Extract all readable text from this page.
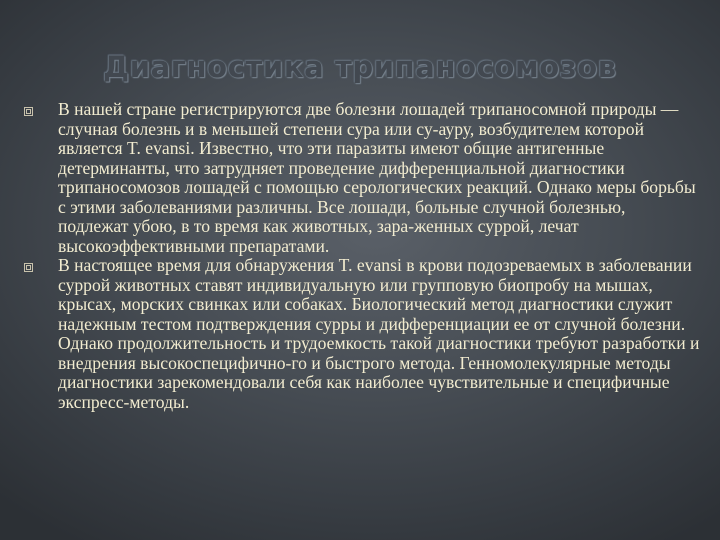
Диагностика трипаносомозов
В нашей стране регистрируются две болезни лошадей трипаносомной природы — случная болезнь и в меньшей степени сура или су-ауру, возбудителем которой является T. evansi. Известно, что эти паразиты имеют общие антигенные детерминанты, что затрудняет проведение дифференциальной диагностики трипаносомозов лошадей с помощью серологических реакций. Однако меры борьбы с этими заболеваниями различны. Все лошади, больные случной болезнью, подлежат убою, в то время как животных, зара-женных суррой, лечат высокоэффективными препаратами.
В настоящее время для обнаружения T. evansi в крови подозреваемых в заболевании суррой животных ставят индивидуальную или групповую биопробу на мышах, крысах, морских свинках или собаках. Биологический метод диагностики служит надежным тестом подтверждения сурры и дифференциации ее от случной болезни. Однако продолжительность и трудоемкость такой диагностики требуют разработки и внедрения высокоспецифично-го и быстрого метода. Генномолекулярные методы диагностики зарекомендовали себя как наиболее чувствительные и специфичные экспресс-методы.
